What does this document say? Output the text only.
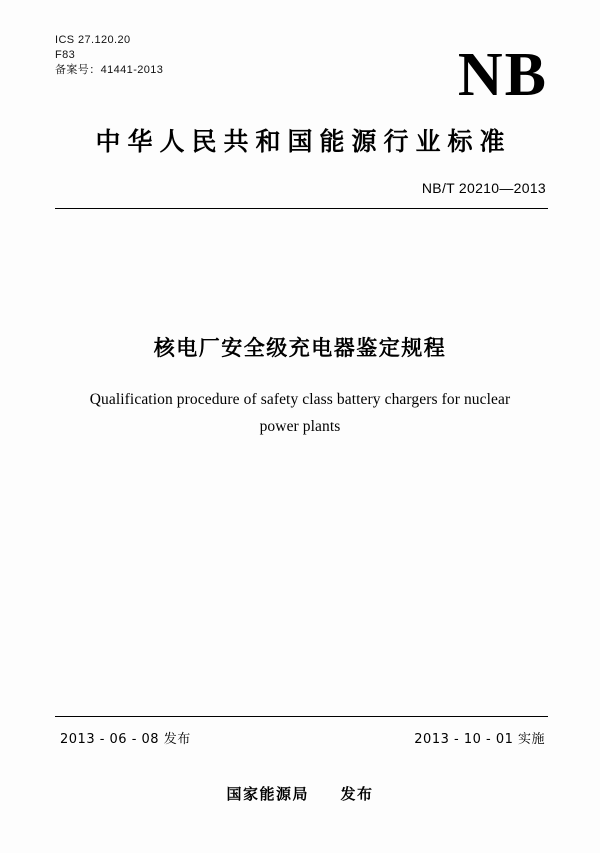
ICS 27.120.20
F83
备案号：41441-2013	NB
中华人民共和国能源行业标准
NB/T 20210—2013
核电厂安全级充电器鉴定规程
Qualification procedure of safety class battery chargers for nuclear power plants
2013 - 06 - 08 发布	2013 - 10 - 01 实施
国家能源局 发布
